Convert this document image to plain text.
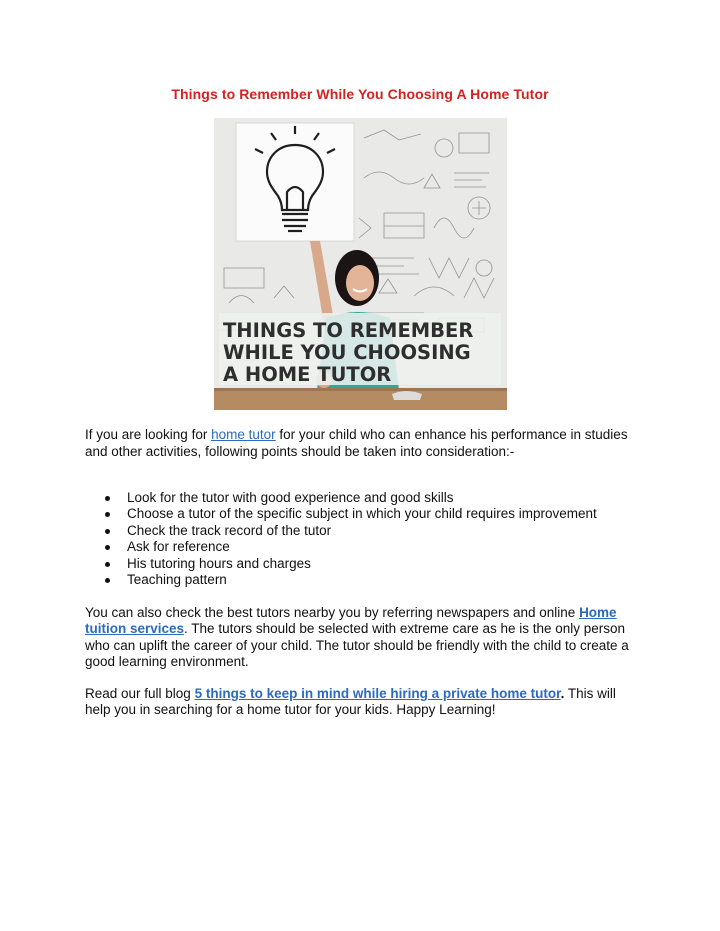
Things to Remember While You Choosing A Home Tutor
THINGS TO REMEMBER
WHILE YOU CHOOSING
A HOME TUTOR
If you are looking for home tutor for your child who can enhance his performance in studies and other activities, following points should be taken into consideration:-
Look for the tutor with good experience and good skills
Choose a tutor of the specific subject in which your child requires improvement
Check the track record of the tutor
Ask for reference
His tutoring hours and charges
Teaching pattern
You can also check the best tutors nearby you by referring newspapers and online Home tuition services. The tutors should be selected with extreme care as he is the only person who can uplift the career of your child. The tutor should be friendly with the child to create a good learning environment.
Read our full blog 5 things to keep in mind while hiring a private home tutor. This will help you in searching for a home tutor for your kids. Happy Learning!
